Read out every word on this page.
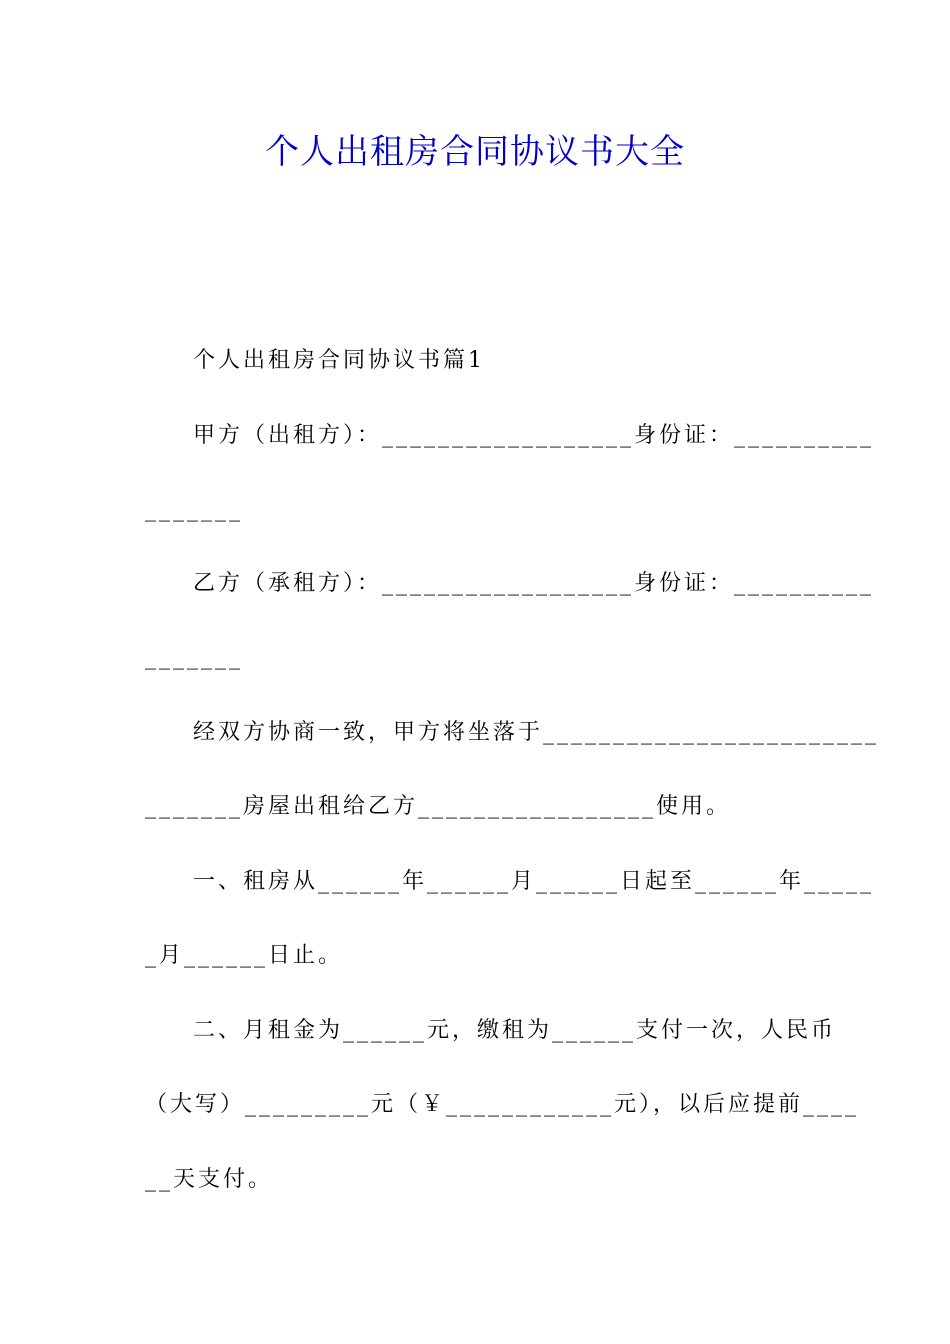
个人出租房合同协议书大全

个人出租房合同协议书篇1

甲方（出租方）：__________________身份证：__________

_______

乙方（承租方）：__________________身份证：__________

_______

经双方协商一致，甲方将坐落于________________________

_______房屋出租给乙方_________________使用。

一、租房从______年______月______日起至______年_____

_月______日止。

二、月租金为______元，缴租为______支付一次，人民币

（大写）_________元（￥____________元），以后应提前____

__天支付。
